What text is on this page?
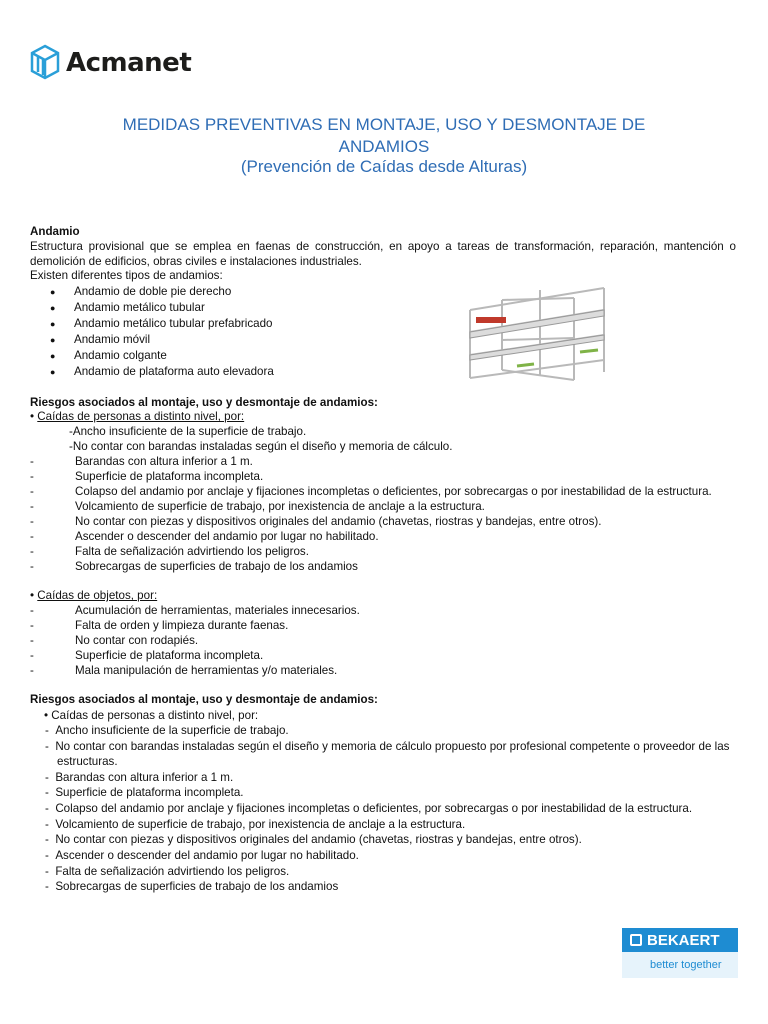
Acmanet
MEDIDAS PREVENTIVAS EN MONTAJE, USO Y DESMONTAJE DE
ANDAMIOS
(Prevención de Caídas desde Alturas)
Andamio
Estructura provisional que se emplea en faenas de construcción, en apoyo a tareas de transformación, reparación, mantención o demolición de edificios, obras civiles e instalaciones industriales.
Existen diferentes tipos de andamios:
● Andamio de doble pie derecho
● Andamio metálico tubular
● Andamio metálico tubular prefabricado
● Andamio móvil
● Andamio colgante
● Andamio de plataforma auto elevadora
Riesgos asociados al montaje, uso y desmontaje de andamios:
• Caídas de personas a distinto nivel, por:
-Ancho insuficiente de la superficie de trabajo.
-No contar con barandas instaladas según el diseño y memoria de cálculo.
-	Barandas con altura inferior a 1 m.
-	Superficie de plataforma incompleta.
-	Colapso del andamio por anclaje y fijaciones incompletas o deficientes, por sobrecargas o por inestabilidad de la estructura.
-	Volcamiento de superficie de trabajo, por inexistencia de anclaje a la estructura.
-	No contar con piezas y dispositivos originales del andamio (chavetas, riostras y bandejas, entre otros).
-	Ascender o descender del andamio por lugar no habilitado.
-	Falta de señalización advirtiendo los peligros.
-	Sobrecargas de superficies de trabajo de los andamios
• Caídas de objetos, por:
-	Acumulación de herramientas, materiales innecesarios.
-	Falta de orden y limpieza durante faenas.
-	No contar con rodapiés.
-	Superficie de plataforma incompleta.
-	Mala manipulación de herramientas y/o materiales.
Riesgos asociados al montaje, uso y desmontaje de andamios:
• Caídas de personas a distinto nivel, por:
-  Ancho insuficiente de la superficie de trabajo.
-  No contar con barandas instaladas según el diseño y memoria de cálculo propuesto por profesional competente o proveedor de las
estructuras.
-  Barandas con altura inferior a 1 m.
-  Superficie de plataforma incompleta.
-  Colapso del andamio por anclaje y fijaciones incompletas o deficientes, por sobrecargas o por inestabilidad de la estructura.
-  Volcamiento de superficie de trabajo, por inexistencia de anclaje a la estructura.
-  No contar con piezas y dispositivos originales del andamio (chavetas, riostras y bandejas, entre otros).
-  Ascender o descender del andamio por lugar no habilitado.
-  Falta de señalización advirtiendo los peligros.
-  Sobrecargas de superficies de trabajo de los andamios
BEKAERT
better together
